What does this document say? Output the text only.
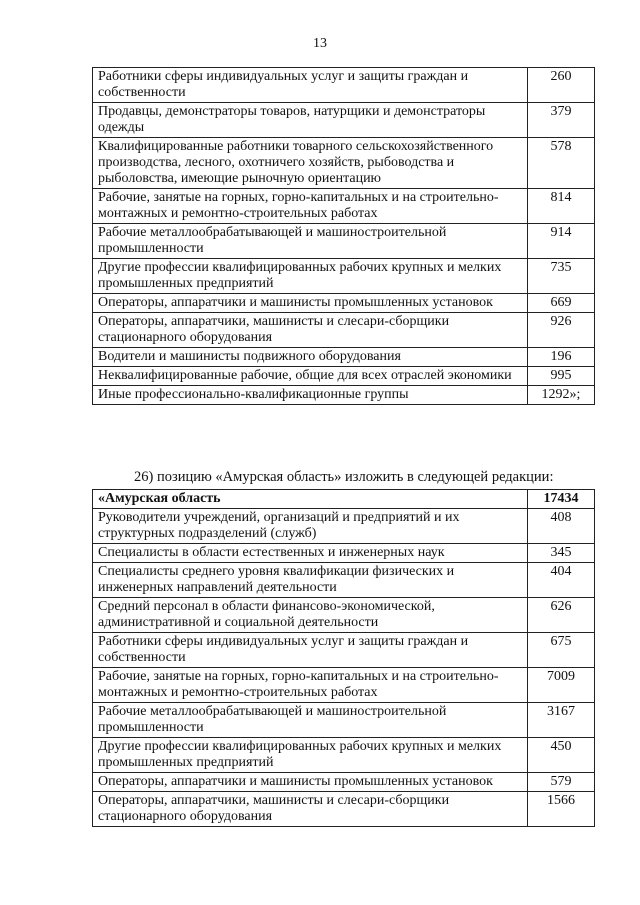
13
Работники сферы индивидуальных услуг и защиты граждан и собственности	260
Продавцы, демонстраторы товаров, натурщики и демонстраторы одежды	379
Квалифицированные работники товарного сельскохозяйственного производства, лесного, охотничего хозяйств, рыбоводства и рыболовства, имеющие рыночную ориентацию	578
Рабочие, занятые на горных, горно-капитальных и на строительно-монтажных и ремонтно-строительных работах	814
Рабочие металлообрабатывающей и машиностроительной промышленности	914
Другие профессии квалифицированных рабочих крупных и мелких промышленных предприятий	735
Операторы, аппаратчики и машинисты промышленных установок	669
Операторы, аппаратчики, машинисты и слесари-сборщики стационарного оборудования	926
Водители и машинисты подвижного оборудования	196
Неквалифицированные рабочие, общие для всех отраслей экономики	995
Иные профессионально-квалификационные группы	1292»;
26) позицию «Амурская область» изложить в следующей редакции:
«Амурская область	17434
Руководители учреждений, организаций и предприятий и их структурных подразделений (служб)	408
Специалисты в области естественных и инженерных наук	345
Специалисты среднего уровня квалификации физических и инженерных направлений деятельности	404
Средний персонал в области финансово-экономической, административной и социальной деятельности	626
Работники сферы индивидуальных услуг и защиты граждан и собственности	675
Рабочие, занятые на горных, горно-капитальных и на строительно-монтажных и ремонтно-строительных работах	7009
Рабочие металлообрабатывающей и машиностроительной промышленности	3167
Другие профессии квалифицированных рабочих крупных и мелких промышленных предприятий	450
Операторы, аппаратчики и машинисты промышленных установок	579
Операторы, аппаратчики, машинисты и слесари-сборщики стационарного оборудования	1566
